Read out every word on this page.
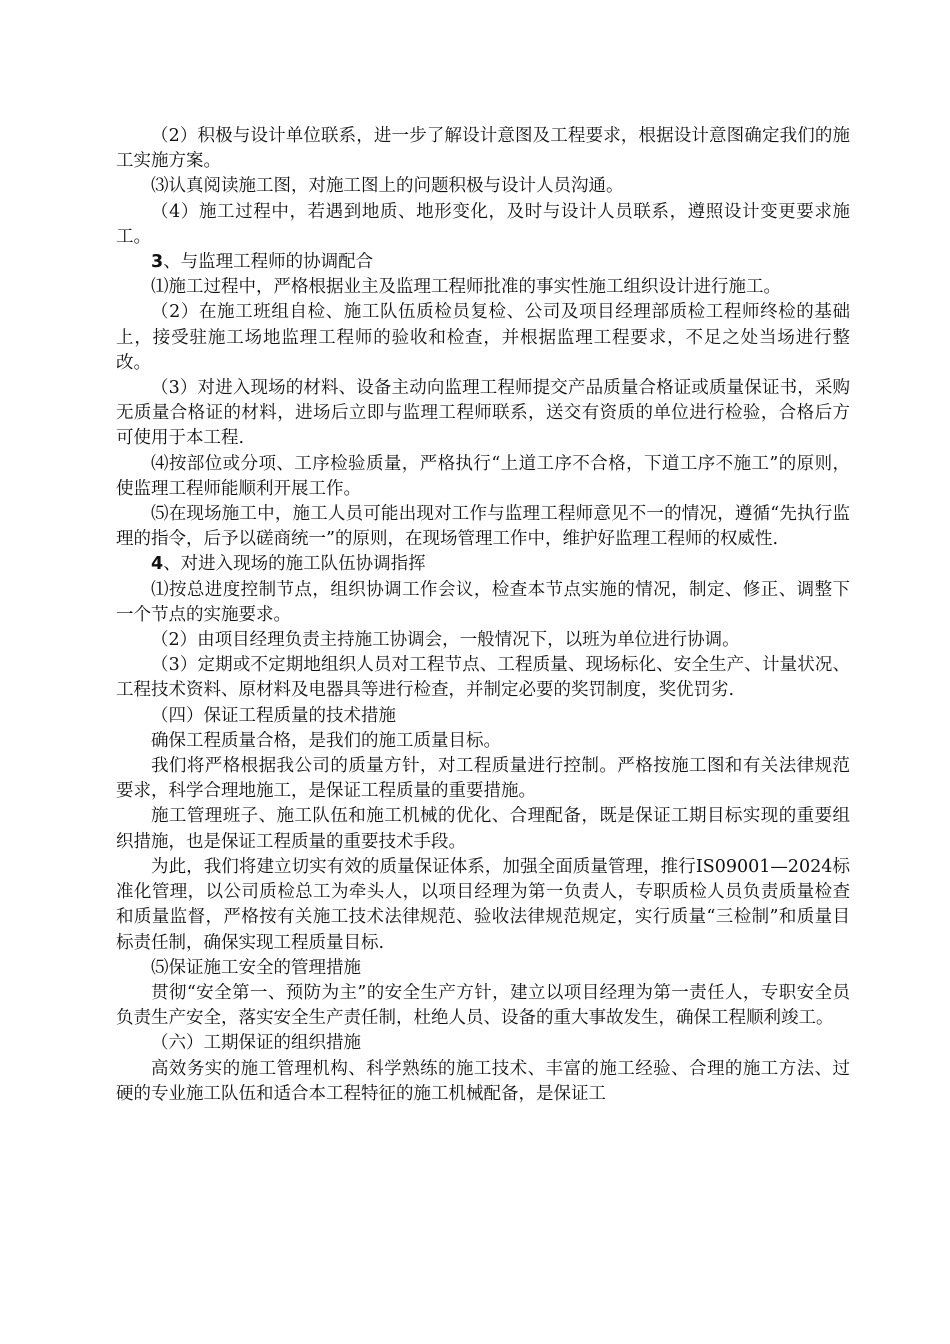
（2）积极与设计单位联系，进一步了解设计意图及工程要求，根据设计意图确定我们的施工实施方案。

⑶认真阅读施工图，对施工图上的问题积极与设计人员沟通。

（4）施工过程中，若遇到地质、地形变化，及时与设计人员联系，遵照设计变更要求施工。

3、与监理工程师的协调配合

⑴施工过程中，严格根据业主及监理工程师批准的事实性施工组织设计进行施工。

（2）在施工班组自检、施工队伍质检员复检、公司及项目经理部质检工程师终检的基础上，接受驻施工场地监理工程师的验收和检查，并根据监理工程要求，不足之处当场进行整改。

（3）对进入现场的材料、设备主动向监理工程师提交产品质量合格证或质量保证书，采购无质量合格证的材料，进场后立即与监理工程师联系，送交有资质的单位进行检验，合格后方可使用于本工程.

⑷按部位或分项、工序检验质量，严格执行“上道工序不合格，下道工序不施工”的原则，使监理工程师能顺利开展工作。

⑸在现场施工中，施工人员可能出现对工作与监理工程师意见不一的情况，遵循“先执行监理的指令，后予以磋商统一”的原则，在现场管理工作中，维护好监理工程师的权威性.

4、对进入现场的施工队伍协调指挥

⑴按总进度控制节点，组织协调工作会议，检查本节点实施的情况，制定、修正、调整下一个节点的实施要求。

（2）由项目经理负责主持施工协调会，一般情况下，以班为单位进行协调。

（3）定期或不定期地组织人员对工程节点、工程质量、现场标化、安全生产、计量状况、工程技术资料、原材料及电器具等进行检查，并制定必要的奖罚制度，奖优罚劣.

（四）保证工程质量的技术措施

确保工程质量合格，是我们的施工质量目标。

我们将严格根据我公司的质量方针，对工程质量进行控制。严格按施工图和有关法律规范要求，科学合理地施工，是保证工程质量的重要措施。

施工管理班子、施工队伍和施工机械的优化、合理配备，既是保证工期目标实现的重要组织措施，也是保证工程质量的重要技术手段。

为此，我们将建立切实有效的质量保证体系，加强全面质量管理，推行IS09001—2024标准化管理，以公司质检总工为牵头人，以项目经理为第一负责人，专职质检人员负责质量检查和质量监督，严格按有关施工技术法律规范、验收法律规范规定，实行质量“三检制”和质量目标责任制，确保实现工程质量目标.

⑸保证施工安全的管理措施

贯彻“安全第一、预防为主”的安全生产方针，建立以项目经理为第一责任人，专职安全员负责生产安全，落实安全生产责任制，杜绝人员、设备的重大事故发生，确保工程顺利竣工。

（六）工期保证的组织措施

高效务实的施工管理机构、科学熟练的施工技术、丰富的施工经验、合理的施工方法、过硬的专业施工队伍和适合本工程特征的施工机械配备，是保证工
